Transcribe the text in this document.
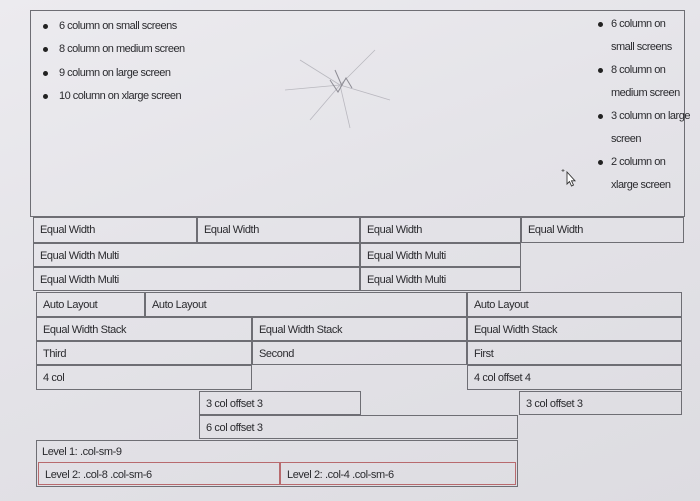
6 column on small screens
8 column on medium screen
9 column on large screen
10 column on xlarge screen
6 column on small screens
8 column on medium screen
3 column on large screen
2 column on xlarge screen
Equal Width	Equal Width	Equal Width	Equal Width
Equal Width Multi	Equal Width Multi
Equal Width Multi	Equal Width Multi
Auto Layout	Auto Layout	Auto Layout
Equal Width Stack	Equal Width Stack	Equal Width Stack
Third	Second	First
4 col	4 col offset 4
3 col offset 3	3 col offset 3
6 col offset 3
Level 1: .col-sm-9
Level 2: .col-8 .col-sm-6	Level 2: .col-4 .col-sm-6
